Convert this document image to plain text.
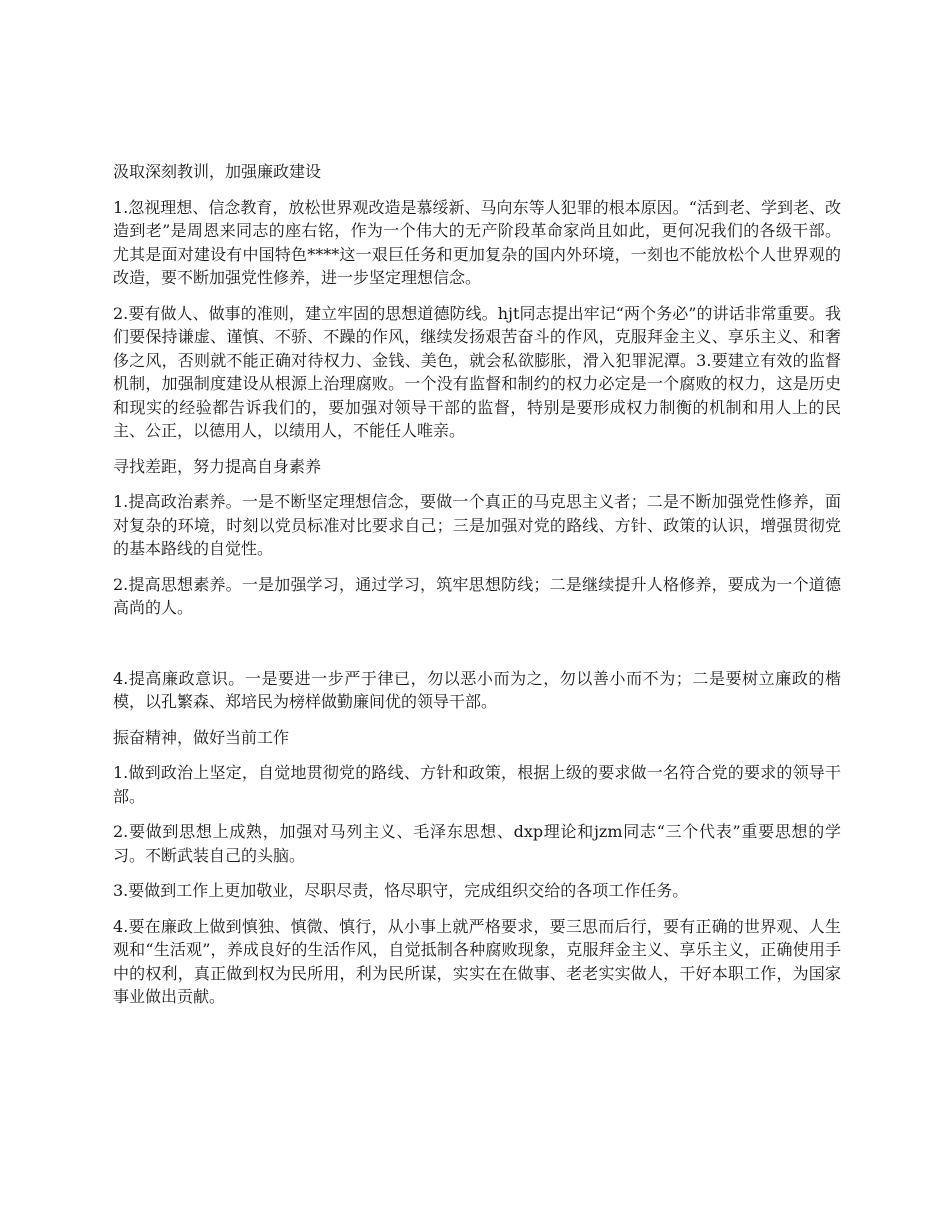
汲取深刻教训，加强廉政建设

1.忽视理想、信念教育，放松世界观改造是慕绥新、马向东等人犯罪的根本原因。“活到老、学到老、改造到老”是周恩来同志的座右铭，作为一个伟大的无产阶段革命家尚且如此，更何况我们的各级干部。尤其是面对建设有中国特色****这一艰巨任务和更加复杂的国内外环境，一刻也不能放松个人世界观的改造，要不断加强党性修养，进一步坚定理想信念。

2.要有做人、做事的准则，建立牢固的思想道德防线。hjt同志提出牢记“两个务必”的讲话非常重要。我们要保持谦虚、谨慎、不骄、不躁的作风，继续发扬艰苦奋斗的作风，克服拜金主义、享乐主义、和奢侈之风，否则就不能正确对待权力、金钱、美色，就会私欲膨胀，滑入犯罪泥潭。3.要建立有效的监督机制，加强制度建设从根源上治理腐败。一个没有监督和制约的权力必定是一个腐败的权力，这是历史和现实的经验都告诉我们的，要加强对领导干部的监督，特别是要形成权力制衡的机制和用人上的民主、公正，以德用人，以绩用人，不能任人唯亲。

寻找差距，努力提高自身素养

1.提高政治素养。一是不断坚定理想信念，要做一个真正的马克思主义者；二是不断加强党性修养，面对复杂的环境，时刻以党员标准对比要求自己；三是加强对党的路线、方针、政策的认识，增强贯彻党的基本路线的自觉性。

2.提高思想素养。一是加强学习，通过学习，筑牢思想防线；二是继续提升人格修养，要成为一个道德高尚的人。

4.提高廉政意识。一是要进一步严于律已，勿以恶小而为之，勿以善小而不为；二是要树立廉政的楷模，以孔繁森、郑培民为榜样做勤廉间优的领导干部。

振奋精神，做好当前工作

1.做到政治上坚定，自觉地贯彻党的路线、方针和政策，根据上级的要求做一名符合党的要求的领导干部。

2.要做到思想上成熟，加强对马列主义、毛泽东思想、dxp理论和jzm同志“三个代表”重要思想的学习。不断武装自己的头脑。

3.要做到工作上更加敬业，尽职尽责，恪尽职守，完成组织交给的各项工作任务。

4.要在廉政上做到慎独、慎微、慎行，从小事上就严格要求，要三思而后行，要有正确的世界观、人生观和“生活观”，养成良好的生活作风，自觉抵制各种腐败现象，克服拜金主义、享乐主义，正确使用手中的权利，真正做到权为民所用，利为民所谋，实实在在做事、老老实实做人，干好本职工作，为国家事业做出贡献。
